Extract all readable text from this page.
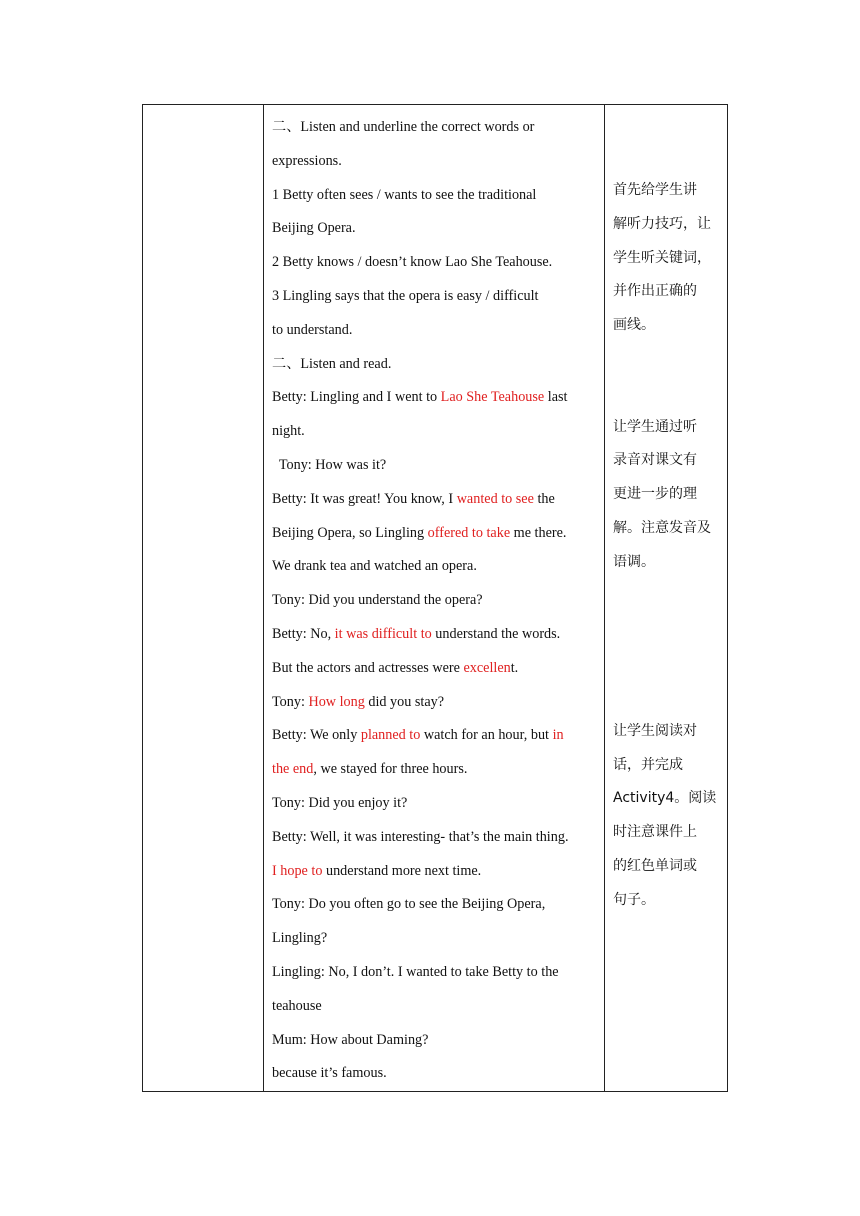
二、Listen and underline the correct words or
expressions.
1 Betty often sees / wants to see the traditional
Beijing Opera.
2 Betty knows / doesn’t know Lao She Teahouse.
3 Lingling says that the opera is easy / difficult
to understand.
二、Listen and read.
Betty: Lingling and I went to Lao She Teahouse last
night.
Tony: How was it?
Betty: It was great! You know, I wanted to see the
Beijing Opera, so Lingling offered to take me there.
We drank tea and watched an opera.
Tony: Did you understand the opera?
Betty: No, it was difficult to understand the words.
But the actors and actresses were excellent.
Tony: How long did you stay?
Betty: We only planned to watch for an hour, but in
the end, we stayed for three hours.
Tony: Did you enjoy it?
Betty: Well, it was interesting- that’s the main thing.
I hope to understand more next time.
Tony: Do you often go to see the Beijing Opera,
Lingling?
Lingling: No, I don’t. I wanted to take Betty to the
teahouse
Mum: How about Daming?
because it’s famous.

首先给学生讲
解听力技巧，让
学生听关键词，
并作出正确的
画线。
让学生通过听
录音对课文有
更进一步的理
解。注意发音及
语调。
让学生阅读对
话，并完成
Activity4。阅读
时注意课件上
的红色单词或
句子。
